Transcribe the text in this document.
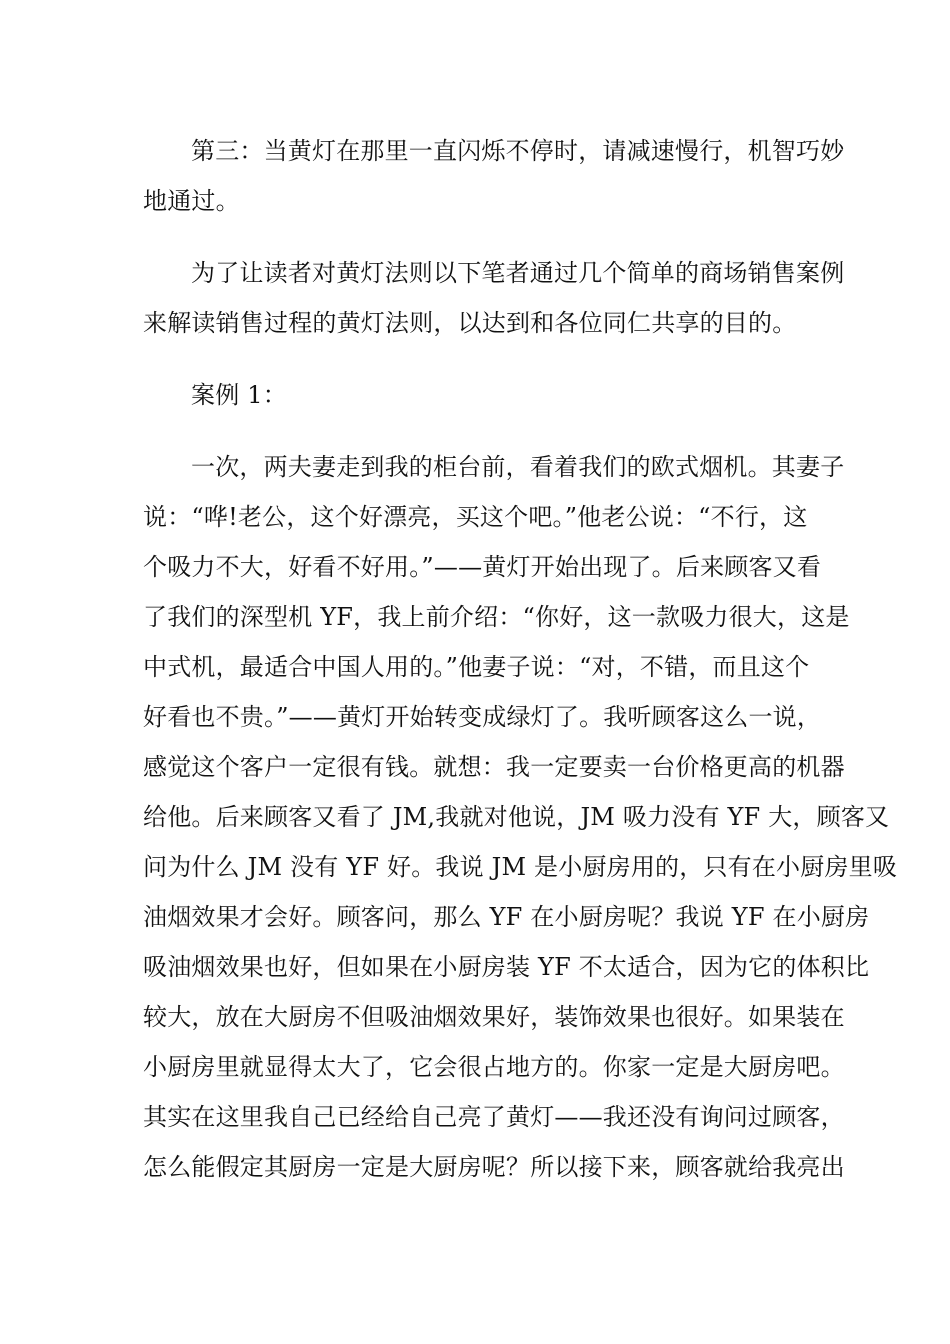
第三：当黄灯在那里一直闪烁不停时，请减速慢行，机智巧妙
地通过。
为了让读者对黄灯法则以下笔者通过几个简单的商场销售案例
来解读销售过程的黄灯法则，以达到和各位同仁共享的目的。
案例 1：
一次，两夫妻走到我的柜台前，看着我们的欧式烟机。其妻子
说：“哗!老公，这个好漂亮，买这个吧。”他老公说：“不行，这
个吸力不大，好看不好用。”——黄灯开始出现了。后来顾客又看
了我们的深型机 YF，我上前介绍：“你好，这一款吸力很大，这是
中式机，最适合中国人用的。”他妻子说：“对，不错，而且这个
好看也不贵。”——黄灯开始转变成绿灯了。我听顾客这么一说，
感觉这个客户一定很有钱。就想：我一定要卖一台价格更高的机器
给他。后来顾客又看了 JM,我就对他说，JM 吸力没有 YF 大，顾客又
问为什么 JM 没有 YF 好。我说 JM 是小厨房用的，只有在小厨房里吸
油烟效果才会好。顾客问，那么 YF 在小厨房呢？我说 YF 在小厨房
吸油烟效果也好，但如果在小厨房装 YF 不太适合，因为它的体积比
较大，放在大厨房不但吸油烟效果好，装饰效果也很好。如果装在
小厨房里就显得太大了，它会很占地方的。你家一定是大厨房吧。
其实在这里我自己已经给自己亮了黄灯——我还没有询问过顾客，
怎么能假定其厨房一定是大厨房呢？所以接下来，顾客就给我亮出
